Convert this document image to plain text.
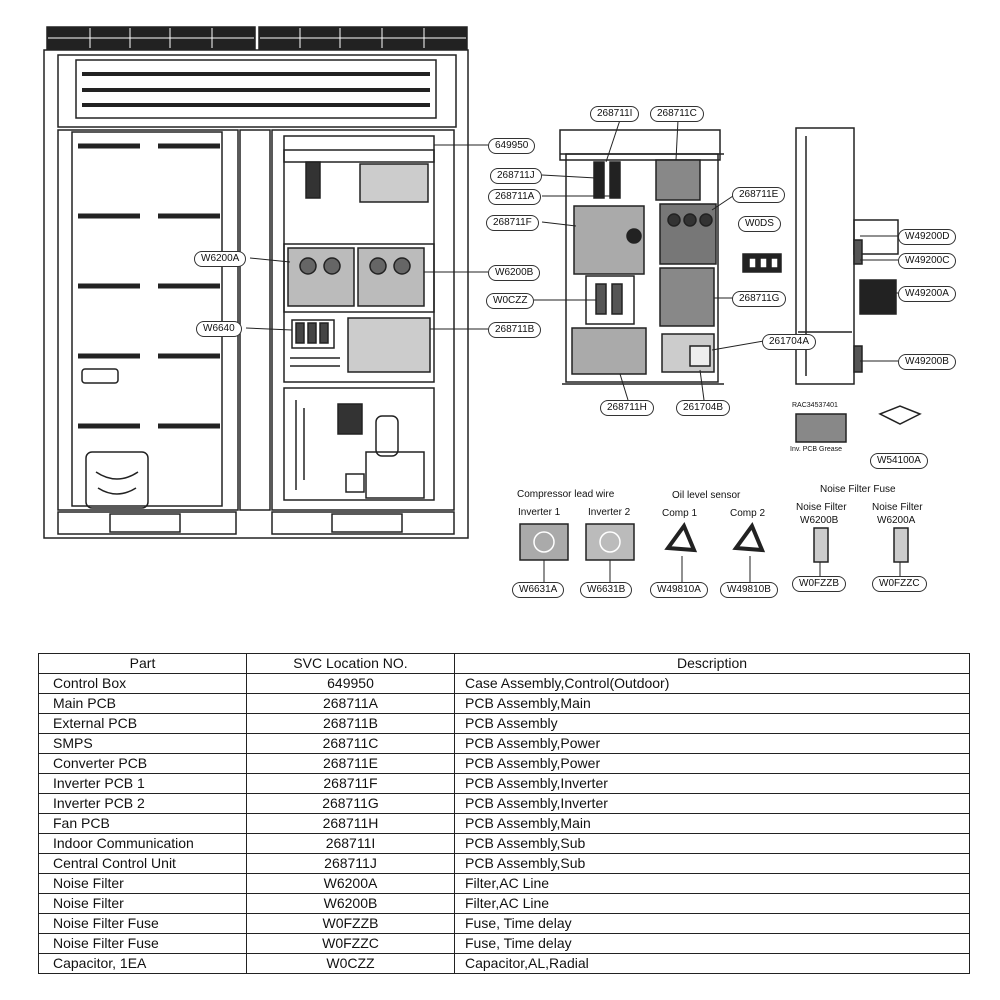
649950
W6200A
W6200B
W6640	268711B
268711I	268711C
268711J
268711A	268711E
268711F	W0DS
W0CZZ	268711G
261704A
268711H	261704B
W49200D
W49200C
W49200A
W49200B
W54100A
W6631A	W6631B	W49810A	W49810B
W0FZZB	W0FZZC
RAC34537401
Inv. PCB Grease
Compressor lead wire
Inverter 1	Inverter 2
Oil level sensor
Comp 1	Comp 2
Noise Filter Fuse
Noise Filter
W6200B
Noise Filter
W6200A
Part	SVC Location NO.	Description
Control Box	649950	Case Assembly,Control(Outdoor)
Main PCB	268711A	PCB Assembly,Main
External PCB	268711B	PCB Assembly
SMPS	268711C	PCB Assembly,Power
Converter PCB	268711E	PCB Assembly,Power
Inverter PCB 1	268711F	PCB Assembly,Inverter
Inverter PCB 2	268711G	PCB Assembly,Inverter
Fan PCB	268711H	PCB Assembly,Main
Indoor Communication	268711I	PCB Assembly,Sub
Central Control Unit	268711J	PCB Assembly,Sub
Noise Filter	W6200A	Filter,AC Line
Noise Filter	W6200B	Filter,AC Line
Noise Filter Fuse	W0FZZB	Fuse, Time delay
Noise Filter Fuse	W0FZZC	Fuse, Time delay
Capacitor, 1EA	W0CZZ	Capacitor,AL,Radial
